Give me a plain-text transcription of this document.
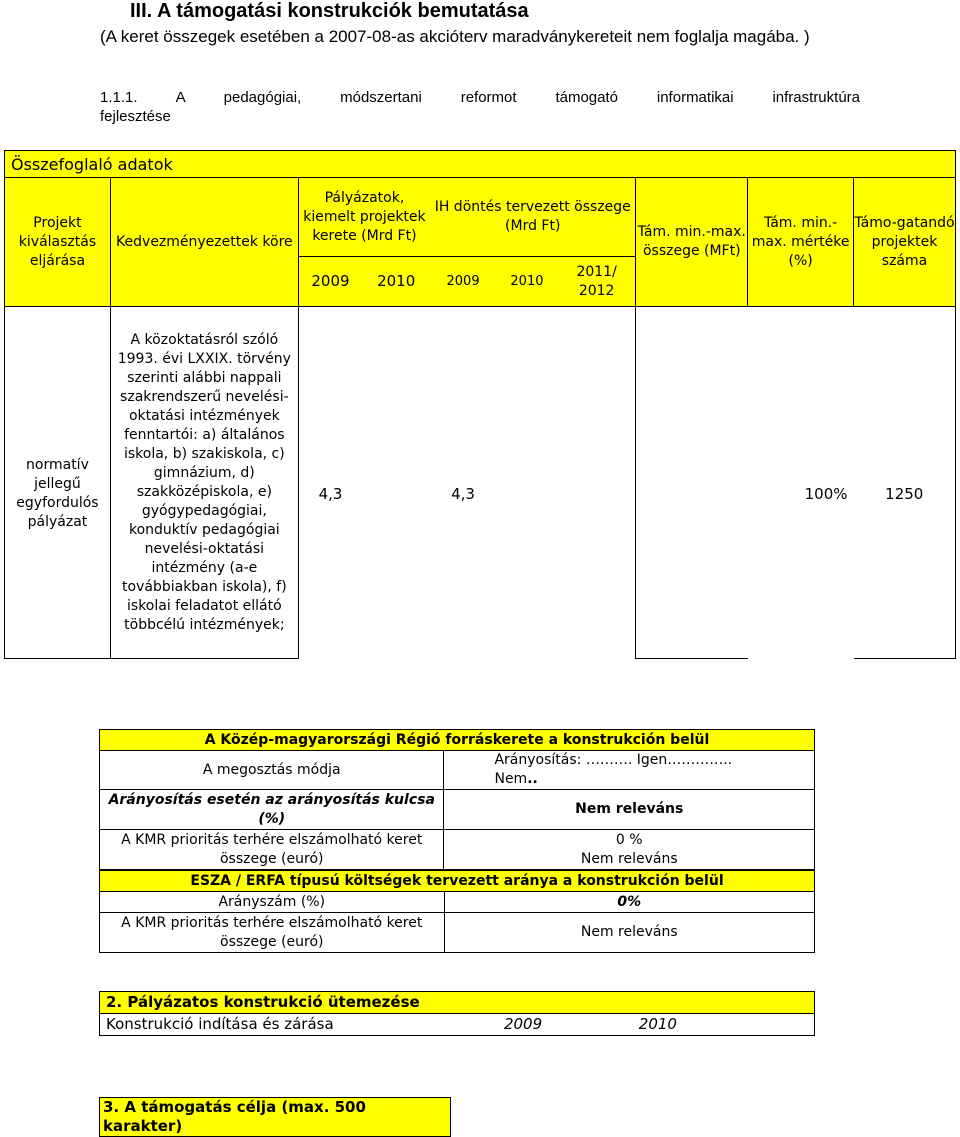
III. A támogatási konstrukciók bemutatása
(A keret összegek esetében a 2007-08-as akcióterv maradványkereteit nem foglalja magába. )
1.1.1. A pedagógiai, módszertani reformot támogató informatikai infrastruktúra
fejlesztése
Összefoglaló adatok									
Projekt kiválasztás eljárása	Kedvezményezettek köre	Pályázatok, kiemelt projektek kerete (Mrd Ft)		IH döntés tervezett összege (Mrd Ft)			Tám. min.-max. összege (MFt)	Tám. min.-max. mértéke (%)	Támo-gatandó projektek száma
		2009	2010	2009	2010	2011/ 2012			

normatív jellegű egyfordulós pályázat	A közoktatásról szóló 1993. évi LXXIX. törvény szerinti alábbi nappali szakrendszerű nevelési-oktatási intézmények fenntartói: a) általános iskola, b) szakiskola, c) gimnázium, d) szakközépiskola, e) gyógypedagógiai, konduktív pedagógiai nevelési-oktatási intézmény (a-e továbbiakban iskola), f) iskolai feladatot ellátó többcélú intézmények;	4,3		4,3				100%	1250
A Közép-magyarországi Régió forráskerete a konstrukción belül	
A megosztás módja	Arányosítás: ………. Igen………….. Nem..
Arányosítás esetén az arányosítás kulcsa (%)	Nem releváns
A KMR prioritás terhére elszámolható keret összege (euró)	0 %
Nem releváns
ESZA / ERFA típusú költségek tervezett aránya a konstrukción belül	
Arányszám (%)	0%
A KMR prioritás terhére elszámolható keret összege (euró)	Nem releváns
2. Pályázatos konstrukció ütemezése
Konstrukció indítása és zárása	2009	2010
3. A támogatás célja (max. 500 karakter)
